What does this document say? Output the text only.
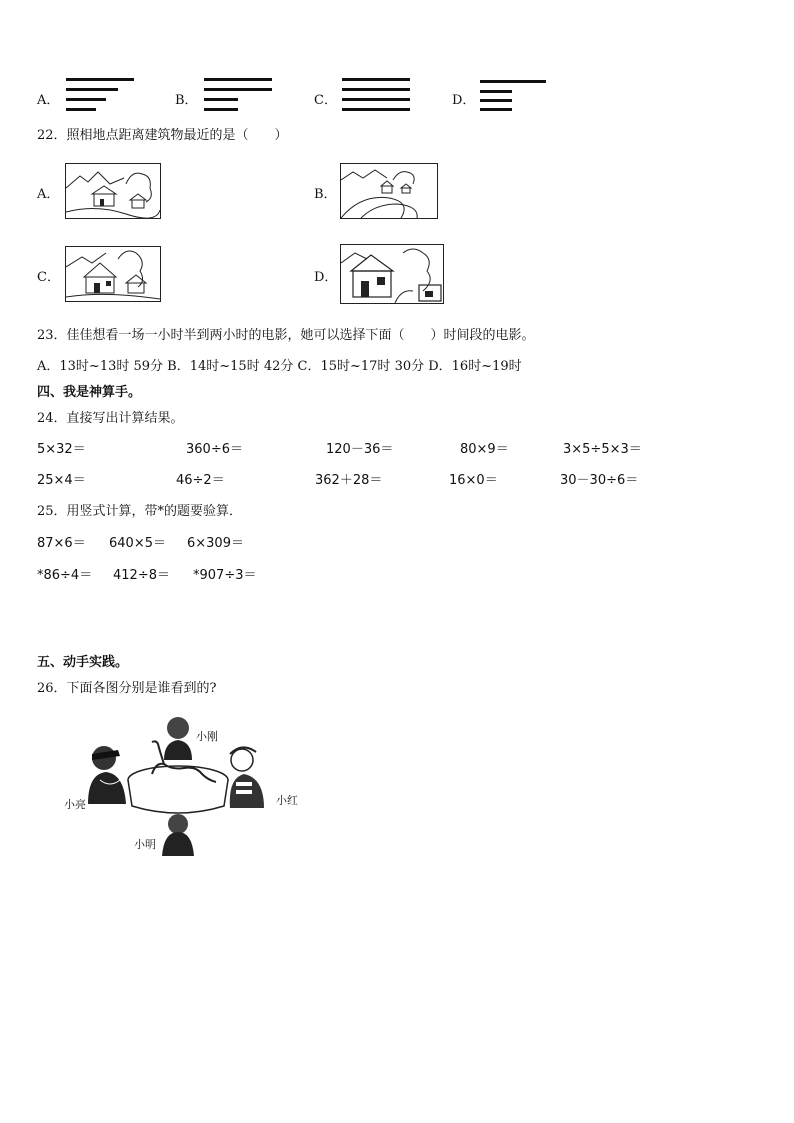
A．	B．	C．	D．
22．照相地点距离建筑物最近的是（　　）
A．	B．
C．	D．
23．佳佳想看一场一小时半到两小时的电影，她可以选择下面（　　）时间段的电影。
A．13时~13时 59分 B．14时~15时 42分 C．15时~17时 30分 D．16时~19时
四、我是神算手。
24．直接写出计算结果。
5×32＝	360÷6＝	120－36＝	80×9＝	3×5÷5×3＝
25×4＝	46÷2＝	362＋28＝	16×0＝	30－30÷6＝
25．用竖式计算，带*的题要验算．
87×6＝ 640×5＝ 6×309＝
*86÷4＝ 412÷8＝ *907÷3＝
五、动手实践。
26．下面各图分别是谁看到的?
小刚
小亮	小红
小明
